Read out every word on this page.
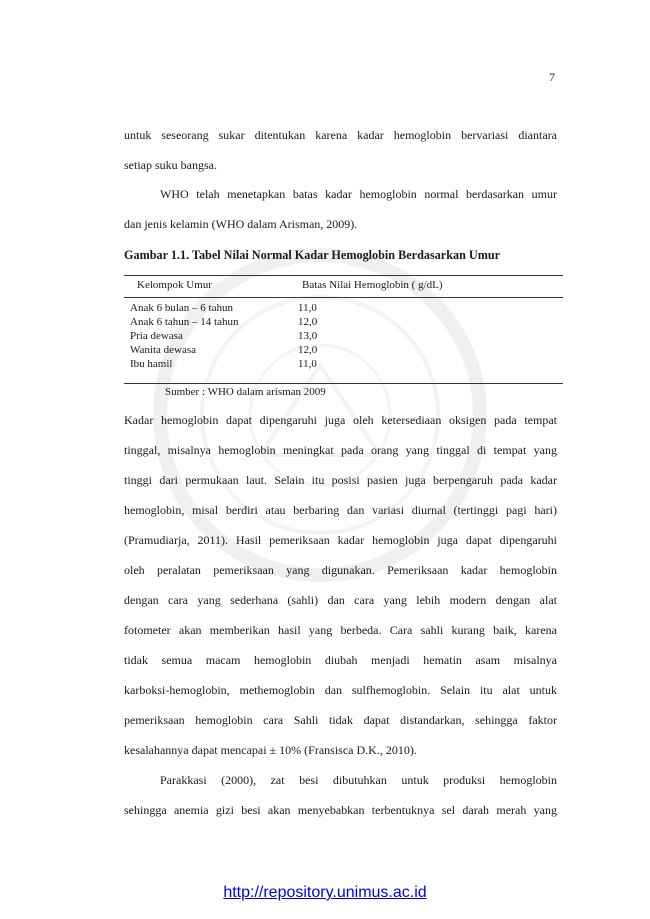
7
untuk seseorang sukar ditentukan karena kadar hemoglobin bervariasi diantara
setiap suku bangsa.
WHO telah menetapkan batas kadar hemoglobin normal berdasarkan umur
dan jenis kelamin (WHO dalam Arisman, 2009).
Gambar 1.1. Tabel Nilai Normal Kadar Hemoglobin Berdasarkan Umur
Kelompok Umur	Batas Nilai Hemoglobin ( g/dL)
Anak 6 bulan – 6 tahun	11,0
Anak 6 tahun – 14 tahun	12,0
Pria dewasa	13,0
Wanita dewasa	12,0
Ibu hamil	11,0
Sumber : WHO dalam arisman 2009
Kadar hemoglobin dapat dipengaruhi juga oleh ketersediaan oksigen pada tempat
tinggal, misalnya hemoglobin meningkat pada orang yang tinggal di tempat yang
tinggi dari permukaan laut. Selain itu posisi pasien juga berpengaruh pada kadar
hemoglobin, misal berdiri atau berbaring dan variasi diurnal (tertinggi pagi hari)
(Pramudiarja, 2011). Hasil pemeriksaan kadar hemoglobin juga dapat dipengaruhi
oleh peralatan pemeriksaan yang digunakan. Pemeriksaan kadar hemoglobin
dengan cara yang sederhana (sahli) dan cara yang lebih modern dengan alat
fotometer akan memberikan hasil yang berbeda. Cara sahli kurang baik, karena
tidak semua macam hemoglobin diubah menjadi hematin asam misalnya
karboksi-hemoglobin, methemoglobin dan sulfhemoglobin. Selain itu alat untuk
pemeriksaan hemoglobin cara Sahli tidak dapat distandarkan, sehingga faktor
kesalahannya dapat mencapai ± 10% (Fransisca D.K., 2010).
Parakkasi (2000), zat besi dibutuhkan untuk produksi hemoglobin
sehingga anemia gizi besi akan menyebabkan terbentuknya sel darah merah yang
http://repository.unimus.ac.id
